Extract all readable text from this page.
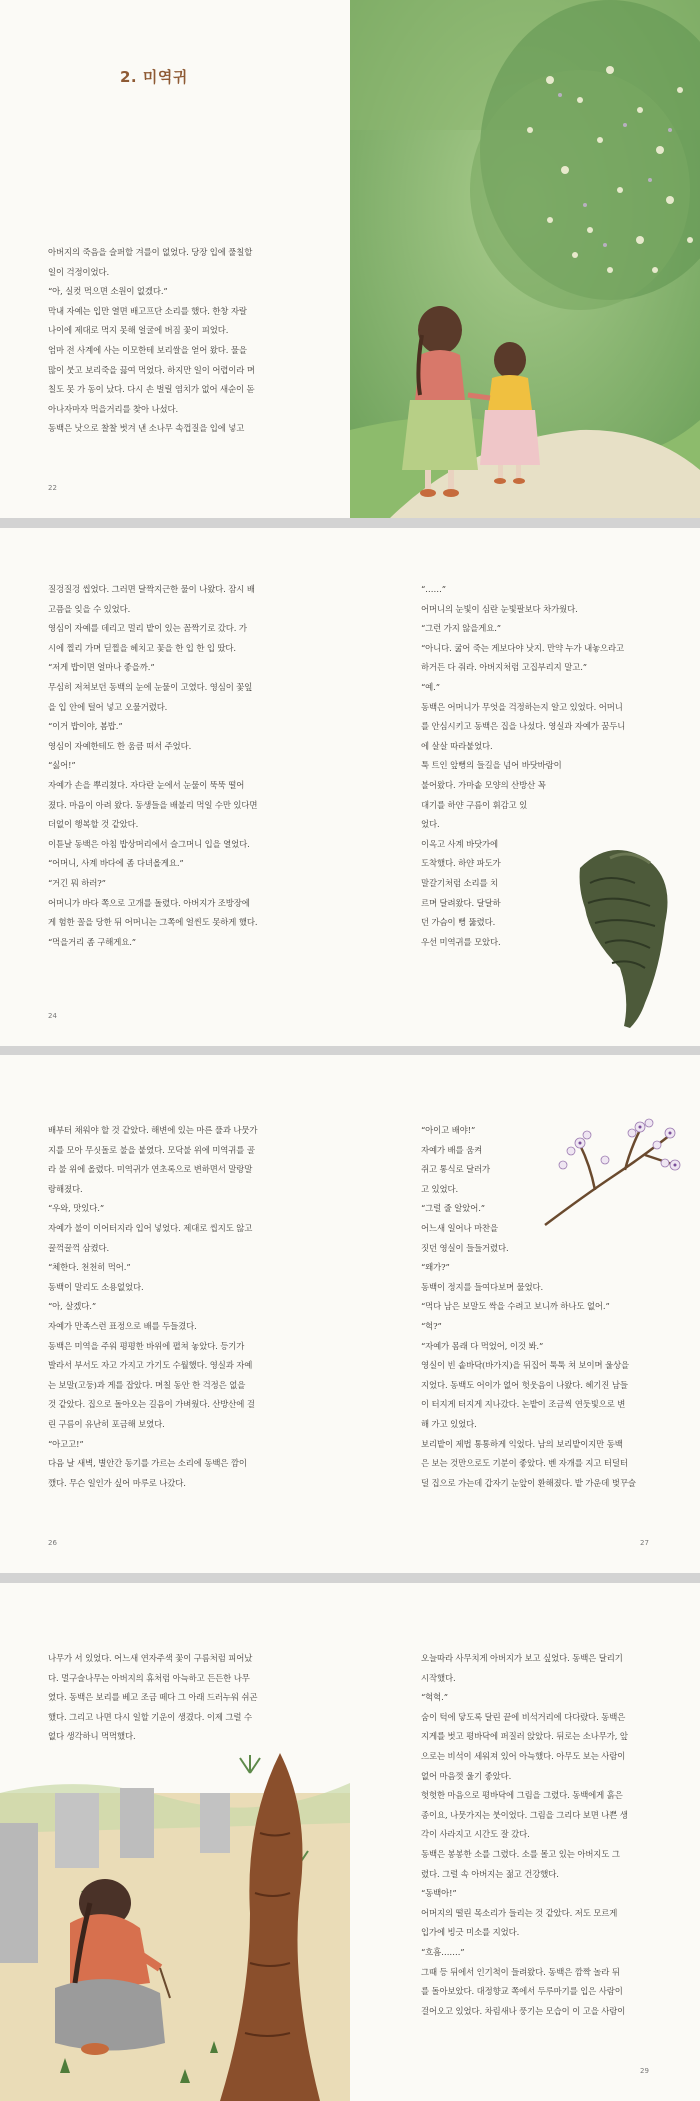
2. 미역귀

아버지의 죽음을 슬퍼할 겨를이 없었다. 당장 입에 풀칠할

일이 걱정이었다.

“아, 실컷 먹으면 소원이 없겠다.”

막내 자예는 입만 열면 배고프단 소리를 했다. 한창 자랄

나이에 제대로 먹지 못해 얼굴에 버짐 꽃이 피었다.

엄마 전 사계에 사는 이모한테 보리쌀을 얻어 왔다. 물을

많이 붓고 보리죽을 끓여 먹었다. 하지만 일이 어렵이라 며

칠도 못 가 동이 났다. 다시 손 벌릴 염치가 없어 새순이 돋

아나자마자 먹을거리를 찾아 나섰다.

동백은 낫으로 찰찰 벗겨 낸 소나무 속껍질을 입에 넣고

22

질겅질겅 씹었다. 그러면 달짝지근한 물이 나왔다. 잠시 배

고픔을 잊을 수 있었다.

영심이 자예를 데리고 멀리 밭이 있는 꼼짝기로 갔다. 가

시에 찔리 가며 딛찔을 헤치고 꽃을 한 입 한 입 땄다.

“저게 밥이면 얼마나 좋을까.”

무심히 저쳐보던 동백의 눈에 눈물이 고였다. 영심이 꽃잎

을 입 안에 털어 넣고 오물거렸다.

“이거 밥이야, 봄밥.”

영심이 자예한테도 한 움큼 떠서 주었다.

“싫어!”

자예가 손을 뿌리쳤다. 자다란 눈에서 눈물이 뚝뚝 떨어

졌다. 마음이 아려 왔다. 동생들을 배불리 먹일 수만 있다면

더없이 행복할 것 같았다.

이튿날 동백은 아침 밥상머리에서 슬그머니 입을 열었다.

“어머니, 사계 바다에 좀 다녀올게요.”

“거긴 뭐 하러?”

어머니가 바다 쪽으로 고개를 돌렸다. 아버지가 조방장에

게 험한 꼴을 당한 뒤 어머니는 그쪽에 얼씬도 못하게 했다.

“먹을거리 좀 구해게요.”

24

“……”

어머니의 눈빛이 심란 눈빛팔보다 차가웠다.

“그런 가지 않을게요.”

“아니다. 굶어 죽는 게보다야 낫지. 만약 누가 내놓으라고

하거든 다 줘라. 아버지처럼 고집부리지 말고.”

“예.”

동백은 어머니가 무엇을 걱정하는지 알고 있었다. 어머니

를 안심시키고 동백은 집을 나섰다. 영실과 자예가 꿈두니

에 살살 따라붙었다.

툭 트인 앞뻥의 들길을 넘어 바닷바람이

불어왔다. 가마솥 모양의 산방산 꼭

대기를 하얀 구름이 휘감고 있

었다.

이옥고 사계 바닷가에

도착했다. 하얀 파도가

말갈기처럼 소리를 치

르며 달려왔다. 달달하

던 가슴이 뻥 뚫렸다.

우선 미역귀를 모았다.

배부터 채워야 할 것 같았다. 해변에 있는 마른 풀과 나뭇가

지를 모아 무싯돌로 불을 붙였다. 모닥불 위에 미역귀를 골

라 불 위에 올렸다. 미역귀가 연초록으로 변하면서 말랑말

랑해졌다.

“우와, 맛있다.”

자예가 불이 이어터지라 입어 넣었다. 제대로 씹지도 않고

꿀꺽꿀꺽 삼켰다.

“체한다. 천천히 먹어.”

동백이 말리도 소용없었다.

“아, 살겠다.”

자예가 만족스런 표정으로 배를 두들겼다.

동백은 미역을 주워 평평한 바위에 펼쳐 놓았다. 등기가

발라서 부서도 자고 가지고 가기도 수월했다. 영실과 자예

는 보말(고둥)과 게를 잡았다. 며칠 동안 한 걱정은 없을

것 같았다. 집으로 돌아오는 길음이 가벼웠다. 산방산에 걸

린 구름이 유난히 포금해 보였다.

“아고고!”

다음 날 새벽, 별안간 동기를 가르는 소리에 동백은 깜이

깼다. 무슨 일인가 싶어 마루로 나갔다.

26

“아이고 배야!”

자예가 배를 움켜

쥐고 통식로 달러가

고 있었다.

“그럴 줄 알았어.”

어느새 일어나 마찬을

짓던 영실이 들들거렸다.

“왜가?”

동백이 정지를 들여다보며 물었다.

“먹다 남은 보말도 싹을 수려고 보니까 하나도 없어.”

“헉?”

“자예가 몸래 다 먹었어, 이것 봐.”

영실이 빈 솥바닥(바가지)을 뒤집어 툭툭 쳐 보이며 울상을

지었다. 동백도 어이가 없어 헛웃음이 나왔다. 헤기진 남들

이 터지게 터지게 지나갔다. 논밭이 조금씩 연둣빛으로 변

해 가고 있었다.

보리밭이 제법 통통하게 익었다. 남의 보리밭이지만 동백

은 보는 것만으로도 기분이 좋았다. 벤 자개를 지고 터덜터

덜 집으로 가는데 갑자기 눈앞이 환해졌다. 밭 가운데 벚꾸슬

27

나무가 서 있었다. 어느새 연자주색 꽃이 구름처럼 피어났

다. 멀구슬나무는 아버지의 휴처럼 아늑하고 든든한 나무

였다. 동백은 보리를 베고 조금 떼다 그 아래 드러누워 쉬곤

했다. 그리고 나면 다시 일할 기운이 생겼다. 이제 그럴 수

없다 생각하니 먹먹했다.

오늘따라 사무치게 아버지가 보고 싶었다. 동백은 달리기

시작했다.

“헉헉.”

숨이 턱에 닿도록 달린 끝에 비석거리에 다다랐다. 동백은

지게를 벗고 평바닥에 퍼질러 앉았다. 뒤로는 소나무가, 앞

으로는 비석이 세워져 있어 아늑했다. 아무도 보는 사람이

없어 마음껏 울기 좋았다.

헛헛한 마음으로 평바닥에 그림을 그렸다. 동백에게 흙은

종이요, 나뭇가지는 붓이었다. 그림을 그리다 보면 나쁜 생

각이 사라지고 시간도 잘 갔다.

동백은 봉봉한 소를 그렸다. 소를 몰고 있는 아버지도 그

렸다. 그럴 속 아버지는 젊고 건강했다.

“동백아!”

어머지의 떨린 목소리가 들리는 것 같았다. 저도 모르게

입가에 빙긋 미소를 지었다.

“흐흠…….”

그때 등 뒤에서 인기척이 들려왔다. 동백은 깜짝 놀라 뒤

를 돌아보았다. 대정향교 쪽에서 두루마기를 입은 사람이

걸어오고 있었다. 차림새나 풍기는 모습이 이 고을 사람이

29
